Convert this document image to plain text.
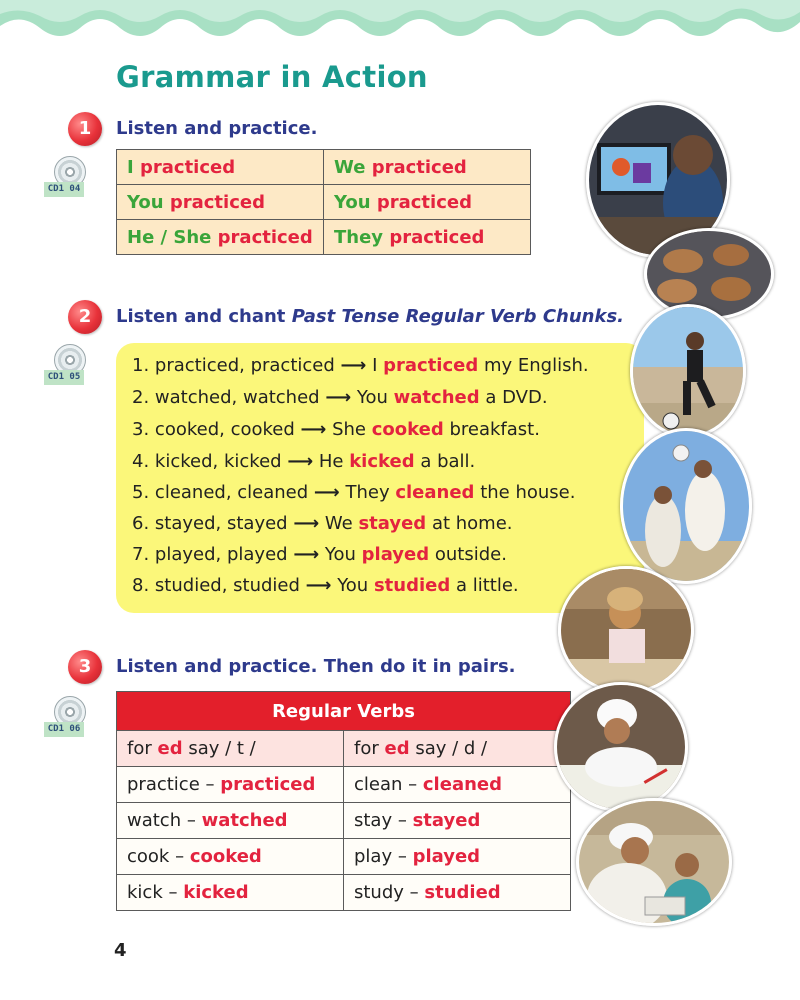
Grammar in Action
1	Listen and practice.
CD1 04
I practiced	We practiced
You practiced	You practiced
He / She practiced	They practiced
2	Listen and chant Past Tense Regular Verb Chunks.
CD1 05
1. practiced, practiced ⟶ I practiced my English.
2. watched, watched ⟶ You watched a DVD.
3. cooked, cooked ⟶ She cooked breakfast.
4. kicked, kicked ⟶ He kicked a ball.
5. cleaned, cleaned ⟶ They cleaned the house.
6. stayed, stayed ⟶ We stayed at home.
7. played, played ⟶ You played outside.
8. studied, studied ⟶ You studied a little.
3	Listen and practice. Then do it in pairs.
CD1 06
Regular Verbs	
for ed say / t /	for ed say / d /
practice – practiced	clean – cleaned
watch – watched	stay – stayed
cook – cooked	play – played
kick – kicked	study – studied
4
